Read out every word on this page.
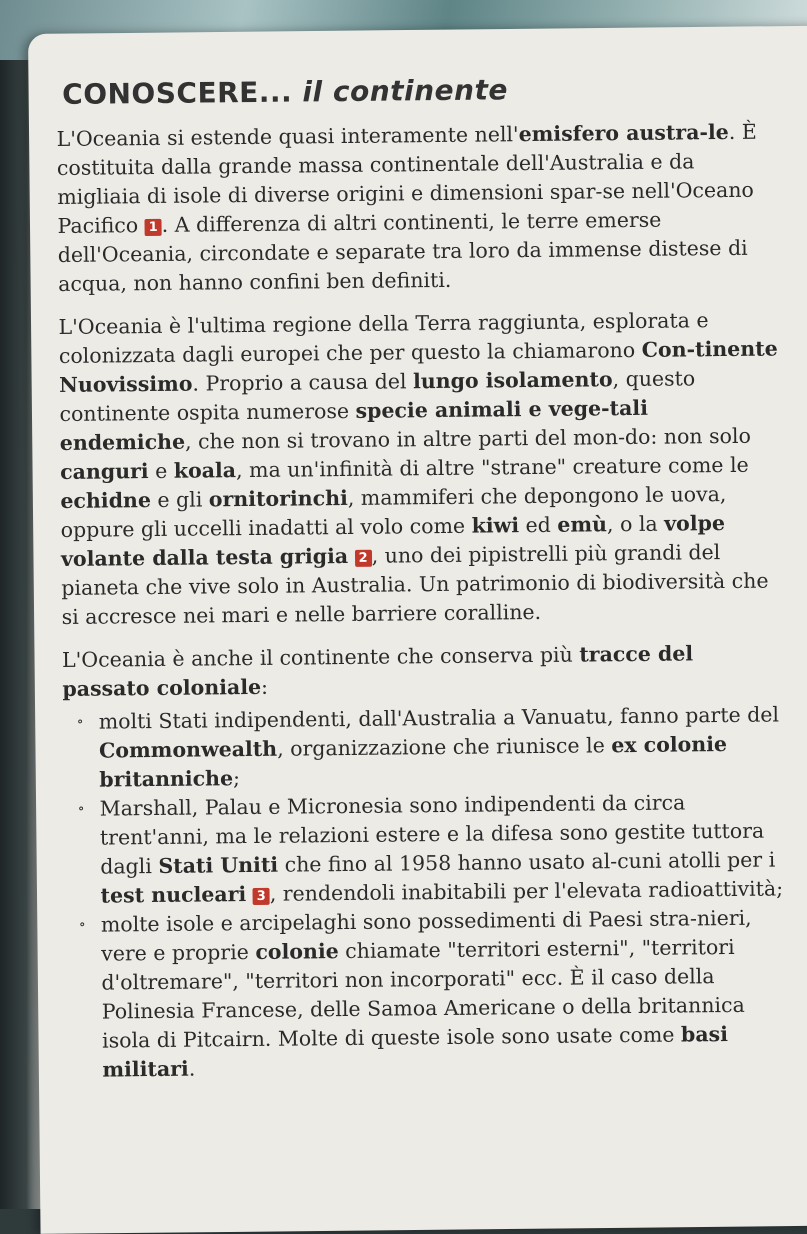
CONOSCERE... il continente

L'Oceania si estende quasi interamente nell'emisfero austra-le. È costituita dalla grande massa continentale dell'Australia e da migliaia di isole di diverse origini e dimensioni spar-se nell'Oceano Pacifico 1 . A differenza di altri continenti, le terre emerse dell'Oceania, circondate e separate tra loro da immense distese di acqua, non hanno confini ben definiti.

L'Oceania è l'ultima regione della Terra raggiunta, esplorata e colonizzata dagli europei che per questo la chiamarono Con-tinente Nuovissimo. Proprio a causa del lungo isolamento, questo continente ospita numerose specie animali e vege-tali endemiche, che non si trovano in altre parti del mon-do: non solo canguri e koala, ma un'infinità di altre "strane" creature come le echidne e gli ornitorinchi, mammiferi che depongono le uova, oppure gli uccelli inadatti al volo come kiwi ed emù, o la volpe volante dalla testa grigia 2 , uno dei pipistrelli più grandi del pianeta che vive solo in Australia. Un patrimonio di biodiversità che si accresce nei mari e nelle barriere coralline.

L'Oceania è anche il continente che conserva più tracce del passato coloniale:

∘ molti Stati indipendenti, dall'Australia a Vanuatu, fanno parte del Commonwealth, organizzazione che riunisce le ex colonie britanniche;
∘ Marshall, Palau e Micronesia sono indipendenti da circa trent'anni, ma le relazioni estere e la difesa sono gestite tuttora dagli Stati Uniti che fino al 1958 hanno usato al-cuni atolli per i test nucleari 3 , rendendoli inabitabili per l'elevata radioattività;
∘ molte isole e arcipelaghi sono possedimenti di Paesi stra-nieri, vere e proprie colonie chiamate "territori esterni", "territori d'oltremare", "territori non incorporati" ecc. È il caso della Polinesia Francese, delle Samoa Americane o della britannica isola di Pitcairn. Molte di queste isole sono usate come basi militari.
